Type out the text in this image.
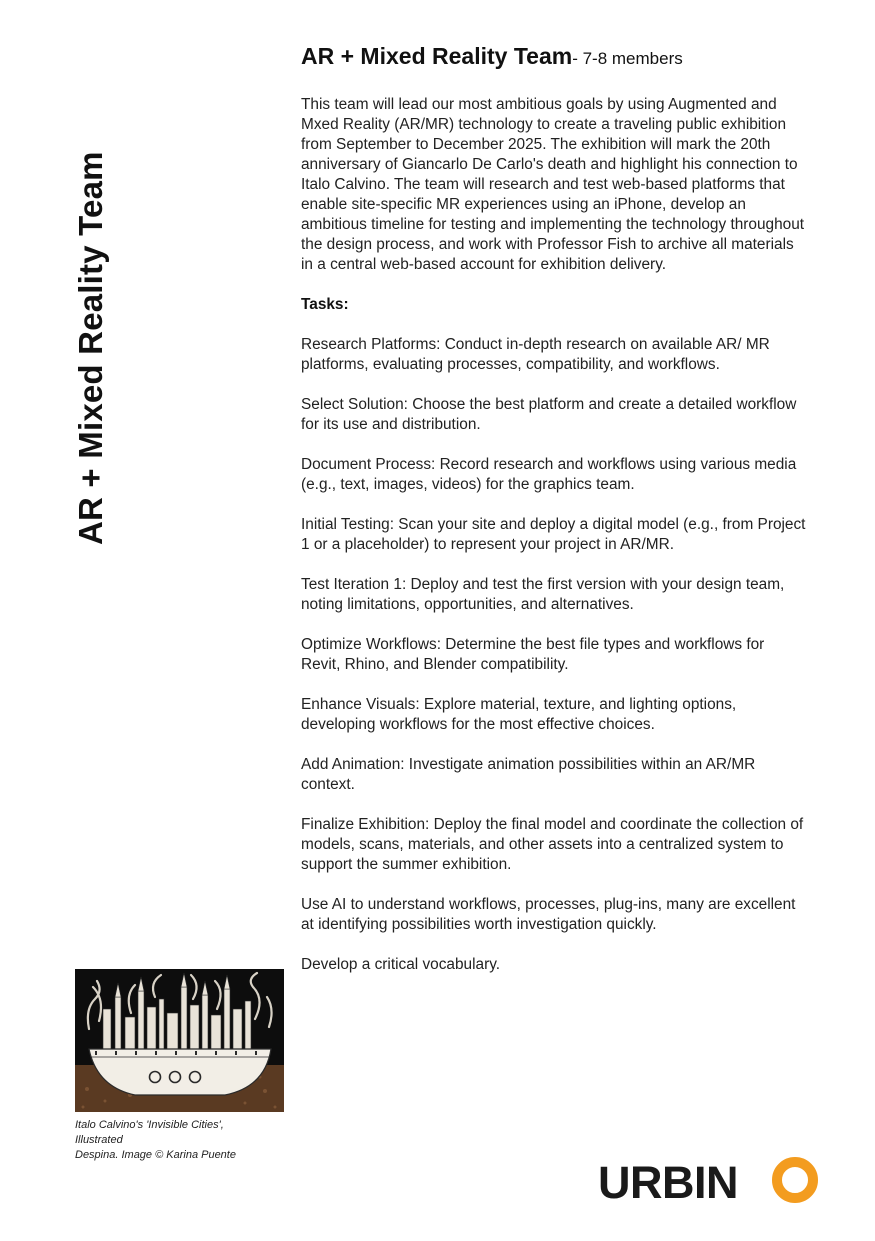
AR + Mixed Reality Team
AR + Mixed Reality Team- 7-8 members

This team will lead our most ambitious goals by using Augmented and Mxed Reality (AR/MR) technology to create a traveling public exhibition from September to December 2025. The exhibition will mark the 20th anniversary of Giancarlo De Carlo's death and highlight his connection to Italo Calvino. The team will research and test web-based platforms that enable site-specific MR experiences using an iPhone, develop an ambitious timeline for testing and implementing the technology throughout the design process, and work with Professor Fish to archive all materials in a central web-based account for exhibition delivery.

Tasks:

Research Platforms: Conduct in-depth research on available AR/ MR platforms, evaluating processes, compatibility, and workflows.

Select Solution: Choose the best platform and create a detailed workflow for its use and distribution.

Document Process: Record research and workflows using various media (e.g., text, images, videos) for the graphics team.

Initial Testing: Scan your site and deploy a digital model (e.g., from Project 1 or a placeholder) to represent your project in AR/MR.

Test Iteration 1: Deploy and test the first version with your design team, noting limitations, opportunities, and alternatives.

Optimize Workflows: Determine the best file types and workflows for Revit, Rhino, and Blender compatibility.

Enhance Visuals: Explore material, texture, and lighting options, developing workflows for the most effective choices.

Add Animation: Investigate animation possibilities within an AR/MR context.

Finalize Exhibition: Deploy the final model and coordinate the collection of models, scans, materials, and other assets into a centralized system to support the summer exhibition.

Use AI to understand workflows, processes, plug-ins, many are excellent at identifying possibilities worth investigation quickly.

Develop a critical vocabulary.

Italo Calvino's 'Invisible Cities',
Illustrated
Despina. Image © Karina Puente
URBIN
